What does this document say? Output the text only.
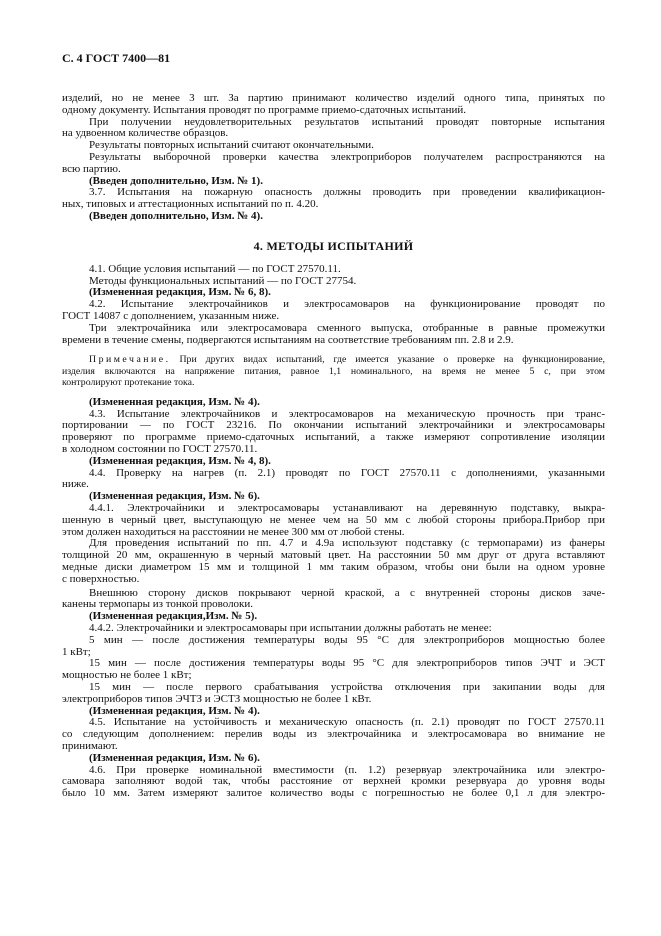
С. 4 ГОСТ 7400—81
изделий, но не менее 3 шт. За партию принимают количество изделий одного типа, принятых по
одному документу. Испытания проводят по программе приемо-сдаточных испытаний.
При получении неудовлетворительных результатов испытаний проводят повторные испытания
на удвоенном количестве образцов.
Результаты повторных испытаний считают окончательными.
Результаты выборочной проверки качества электроприборов получателем распространяются на
всю партию.
(Введен дополнительно, Изм. № 1).
3.7. Испытания на пожарную опасность должны проводить при проведении квалификацион-
ных, типовых и аттестационных испытаний по п. 4.20.
(Введен дополнительно, Изм. № 4).
4. МЕТОДЫ ИСПЫТАНИЙ
4.1. Общие условия испытаний — по ГОСТ 27570.11.
Методы функциональных испытаний — по ГОСТ 27754.
(Измененная редакция, Изм. № 6, 8).
4.2. Испытание электрочайников и электросамоваров на функционирование проводят по
ГОСТ 14087 с дополнением, указанным ниже.
Три электрочайника или электросамовара сменного выпуска, отобранные в равные промежутки
времени в течение смены, подвергаются испытаниям на соответствие требованиям пп. 2.8 и 2.9.
Примечание. При других видах испытаний, где имеется указание о проверке на функционирование,
изделия включаются на напряжение питания, равное 1,1 номинального, на время не менее 5 с, при этом
контролируют протекание тока.
(Измененная редакция, Изм. № 4).
4.3. Испытание электрочайников и электросамоваров на механическую прочность при транс-
портировании — по ГОСТ 23216. По окончании испытаний электрочайники и электросамовары
проверяют по программе приемо-сдаточных испытаний, а также измеряют сопротивление изоляции
в холодном состоянии по ГОСТ 27570.11.
(Измененная редакция, Изм. № 4, 8).
4.4. Проверку на нагрев (п. 2.1) проводят по ГОСТ 27570.11 с дополнениями, указанными
ниже.
(Измененная редакция, Изм. № 6).
4.4.1. Электрочайники и электросамовары устанавливают на деревянную подставку, выкра-
шенную в черный цвет, выступающую не менее чем на 50 мм с любой стороны прибора.Прибор при
этом должен находиться на расстоянии не менее 300 мм от любой стены.
Для проведения испытаний по пп. 4.7 и 4.9а используют подставку (с термопарами) из фанеры
толщиной 20 мм, окрашенную в черный матовый цвет. На расстоянии 50 мм друг от друга вставляют
медные диски диаметром 15 мм и толщиной 1 мм таким образом, чтобы они были на одном уровне
с поверхностью.
Внешнюю сторону дисков покрывают черной краской, а с внутренней стороны дисков заче-
канены термопары из тонкой проволоки.
(Измененная редакция,Изм. № 5).
4.4.2. Электрочайники и электросамовары при испытании должны работать не менее:
5 мин — после достижения температуры воды 95 °С для электроприборов мощностью более
1 кВт;
15 мин — после достижения температуры воды 95 °С для электроприборов типов ЭЧТ и ЭСТ
мощностью не более 1 кВт;
15 мин — после первого срабатывания устройства отключения при закипании воды для
электроприборов типов ЭЧТЗ и ЭСТЗ мощностью не более 1 кВт.
(Измененная редакция, Изм. № 4).
4.5. Испытание на устойчивость и механическую опасность (п. 2.1) проводят по ГОСТ 27570.11
со следующим дополнением: перелив воды из электрочайника и электросамовара во внимание не
принимают.
(Измененная редакция, Изм. № 6).
4.6. При проверке номинальной вместимости (п. 1.2) резервуар электрочайника или электро-
самовара заполняют водой так, чтобы расстояние от верхней кромки резервуара до уровня воды
было 10 мм. Затем измеряют залитое количество воды с погрешностью не более 0,1 л для электро-
